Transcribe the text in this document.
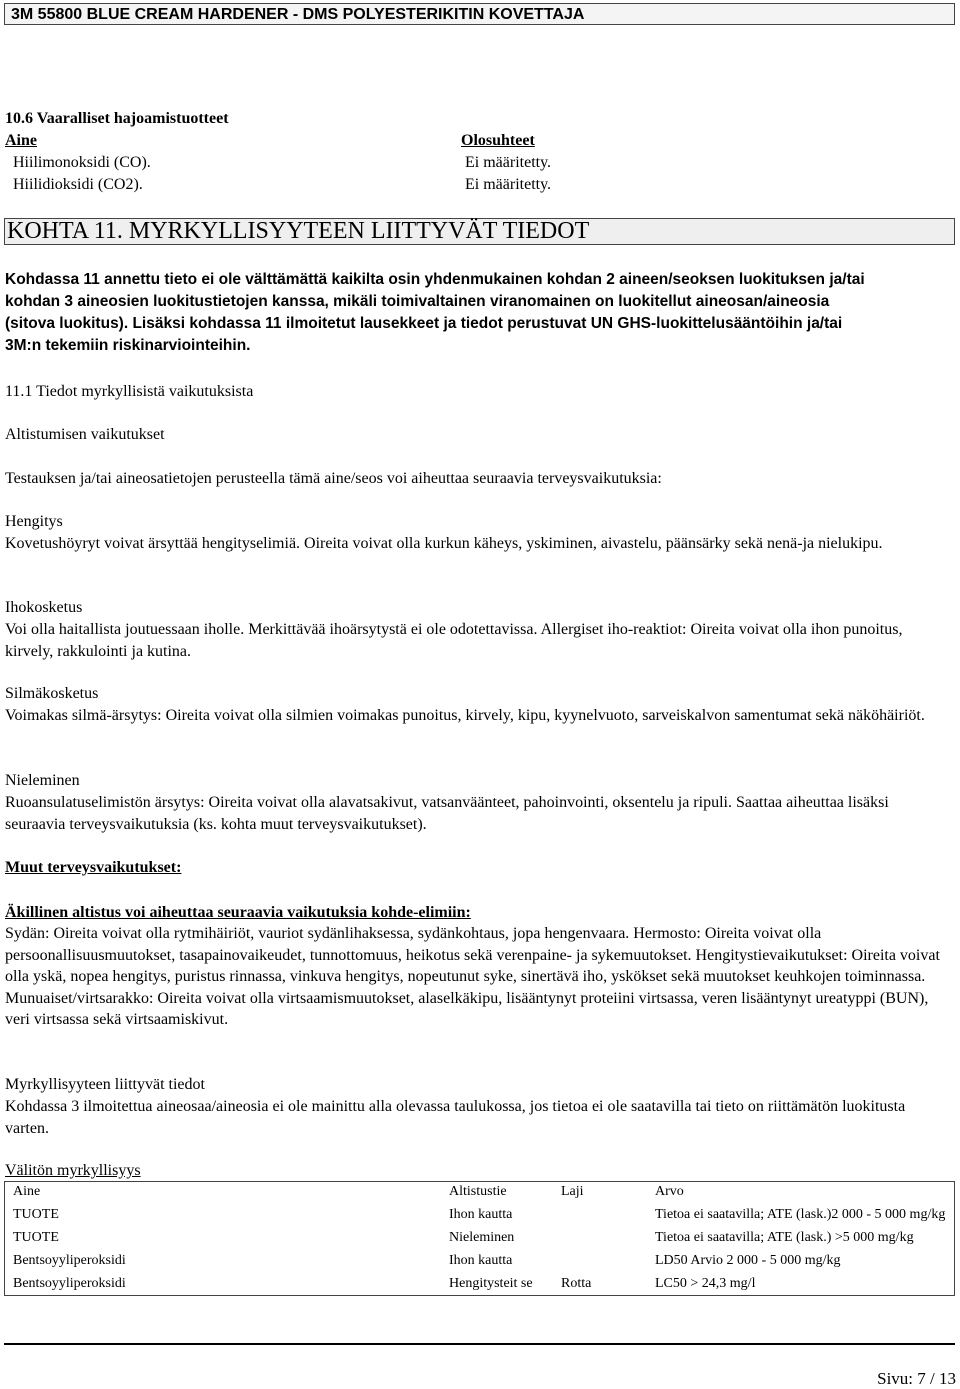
3M 55800 BLUE CREAM HARDENER - DMS POLYESTERIKITIN KOVETTAJA
10.6 Vaaralliset hajoamistuotteet
Aine	Olosuhteet
Hiilimonoksidi (CO).	Ei määritetty.
Hiilidioksidi (CO2).	Ei määritetty.
KOHTA 11. MYRKYLLISYYTEEN LIITTYVÄT TIEDOT
Kohdassa 11 annettu tieto ei ole välttämättä kaikilta osin yhdenmukainen kohdan 2 aineen/seoksen luokituksen ja/tai
kohdan 3 aineosien luokitustietojen kanssa, mikäli toimivaltainen viranomainen on luokitellut aineosan/aineosia
(sitova luokitus). Lisäksi kohdassa 11 ilmoitetut lausekkeet ja tiedot perustuvat UN GHS-luokittelusääntöihin ja/tai
3M:n tekemiin riskinarviointeihin.
11.1 Tiedot myrkyllisistä vaikutuksista
Altistumisen vaikutukset
Testauksen ja/tai aineosatietojen perusteella tämä aine/seos voi aiheuttaa seuraavia terveysvaikutuksia:
Hengitys
Kovetushöyryt voivat ärsyttää hengityselimiä. Oireita voivat olla kurkun käheys, yskiminen, aivastelu, päänsärky sekä nenä-ja nielukipu.
Ihokosketus
Voi olla haitallista joutuessaan iholle. Merkittävää ihoärsytystä ei ole odotettavissa. Allergiset iho-reaktiot: Oireita voivat olla ihon punoitus, kirvely, rakkulointi ja kutina.
Silmäkosketus
Voimakas silmä-ärsytys: Oireita voivat olla silmien voimakas punoitus, kirvely, kipu, kyynelvuoto, sarveiskalvon samentumat sekä näköhäiriöt.
Nieleminen
Ruoansulatuselimistön ärsytys: Oireita voivat olla alavatsakivut, vatsanväänteet, pahoinvointi, oksentelu ja ripuli. Saattaa aiheuttaa lisäksi seuraavia terveysvaikutuksia (ks. kohta muut terveysvaikutukset).
Muut terveysvaikutukset:
Äkillinen altistus voi aiheuttaa seuraavia vaikutuksia kohde-elimiin:
Sydän: Oireita voivat olla rytmihäiriöt, vauriot sydänlihaksessa, sydänkohtaus, jopa hengenvaara. Hermosto: Oireita voivat olla persoonallisuusmuutokset, tasapainovaikeudet, tunnottomuus, heikotus sekä verenpaine- ja sykemuutokset. Hengitystievaikutukset: Oireita voivat olla yskä, nopea hengitys, puristus rinnassa, vinkuva hengitys, nopeutunut syke, sinertävä iho, yskökset sekä muutokset keuhkojen toiminnassa. Munuaiset/virtsarakko: Oireita voivat olla virtsaamismuutokset, alaselkäkipu, lisääntynyt proteiini virtsassa, veren lisääntynyt ureatyppi (BUN), veri virtsassa sekä virtsaamiskivut.
Myrkyllisyyteen liittyvät tiedot
Kohdassa 3 ilmoitettua aineosaa/aineosia ei ole mainittu alla olevassa taulukossa, jos tietoa ei ole saatavilla tai tieto on riittämätön luokitusta varten.
Välitön myrkyllisyys
Aine	Altistustie	Laji	Arvo
TUOTE	Ihon kautta		Tietoa ei saatavilla; ATE (lask.)2 000 - 5 000 mg/kg
TUOTE	Nieleminen		Tietoa ei saatavilla; ATE (lask.) >5 000 mg/kg
Bentsoyyliperoksidi	Ihon kautta		LD50 Arvio 2 000 - 5 000 mg/kg
Bentsoyyliperoksidi	Hengitysteit se	Rotta	LC50 > 24,3 mg/l
Sivu: 7 / 13
